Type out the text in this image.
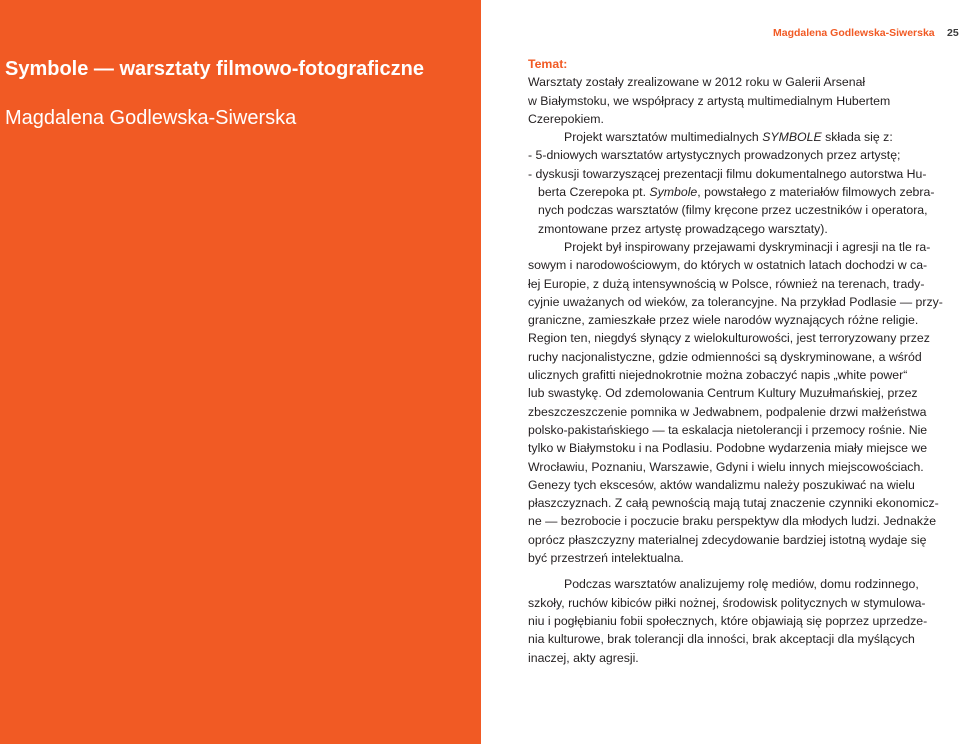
Symbole — warsztaty filmowo-fotograficzne
Magdalena Godlewska-Siwerska
Magdalena Godlewska-Siwerska 25
Temat:
Warsztaty zostały zrealizowane w 2012 roku w Galerii Arsenał
w Białymstoku, we współpracy z artystą multimedialnym Hubertem
Czerepokiem.
Projekt warsztatów multimedialnych SYMBOLE składa się z:
- 5-dniowych warsztatów artystycznych prowadzonych przez artystę;
- dyskusji towarzyszącej prezentacji filmu dokumentalnego autorstwa Hu-
berta Czerepoka pt. Symbole, powstałego z materiałów filmowych zebra-
nych podczas warsztatów (filmy kręcone przez uczestników i operatora,
zmontowane przez artystę prowadzącego warsztaty).
Projekt był inspirowany przejawami dyskryminacji i agresji na tle ra-
sowym i narodowościowym, do których w ostatnich latach dochodzi w ca-
łej Europie, z dużą intensywnością w Polsce, również na terenach, trady-
cyjnie uważanych od wieków, za tolerancyjne. Na przykład Podlasie — przy-
graniczne, zamieszkałe przez wiele narodów wyznających różne religie.
Region ten, niegdyś słynący z wielokulturowości, jest terroryzowany przez
ruchy nacjonalistyczne, gdzie odmienności są dyskryminowane, a wśród
ulicznych grafitti niejednokrotnie można zobaczyć napis „white power“
lub swastykę. Od zdemolowania Centrum Kultury Muzułmańskiej, przez
zbeszczeszczenie pomnika w Jedwabnem, podpalenie drzwi małżeństwa
polsko-pakistańskiego — ta eskalacja nietolerancji i przemocy rośnie. Nie
tylko w Białymstoku i na Podlasiu. Podobne wydarzenia miały miejsce we
Wrocławiu, Poznaniu, Warszawie, Gdyni i wielu innych miejscowościach.
Genezy tych ekscesów, aktów wandalizmu należy poszukiwać na wielu
płaszczyznach. Z całą pewnością mają tutaj znaczenie czynniki ekonomicz-
ne — bezrobocie i poczucie braku perspektyw dla młodych ludzi. Jednakże
oprócz płaszczyzny materialnej zdecydowanie bardziej istotną wydaje się
być przestrzeń intelektualna.
Podczas warsztatów analizujemy rolę mediów, domu rodzinnego,
szkoły, ruchów kibiców piłki nożnej, środowisk politycznych w stymulowa-
niu i pogłębianiu fobii społecznych, które objawiają się poprzez uprzedze-
nia kulturowe, brak tolerancji dla inności, brak akceptacji dla myślących
inaczej, akty agresji.
